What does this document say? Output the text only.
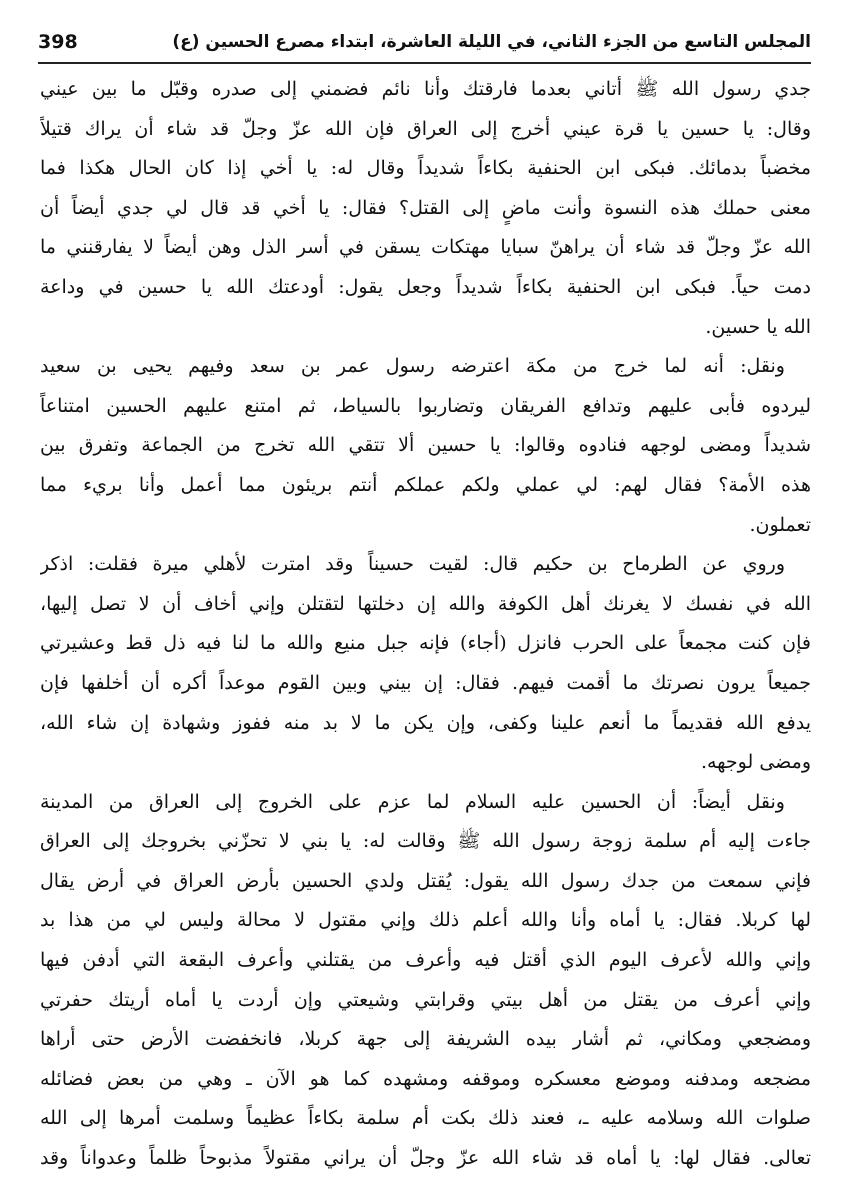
398	المجلس التاسع من الجزء الثاني، في الليلة العاشرة، ابتداء مصرع الحسين (ع)
جدي رسول الله ﷺ أتاني بعدما فارقتك وأنا نائم فضمني إلى صدره وقبّل ما بين عيني
وقال: يا حسين يا قرة عيني أخرج إلى العراق فإن الله عزّ وجلّ قد شاء أن يراك قتيلاً
مخضباً بدمائك. فبكى ابن الحنفية بكاءاً شديداً وقال له: يا أخي إذا كان الحال هكذا فما
معنى حملك هذه النسوة وأنت ماضٍ إلى القتل؟ فقال: يا أخي قد قال لي جدي أيضاً أن
الله عزّ وجلّ قد شاء أن يراهنّ سبايا مهتكات يسقن في أسر الذل وهن أيضاً لا يفارقنني ما
دمت حياً. فبكى ابن الحنفية بكاءاً شديداً وجعل يقول: أودعتك الله يا حسين في وداعة
الله يا حسين.
ونقل: أنه لما خرج من مكة اعترضه رسول عمر بن سعد وفيهم يحيى بن سعيد
ليردوه فأبى عليهم وتدافع الفريقان وتضاربوا بالسياط، ثم امتنع عليهم الحسين امتناعاً
شديداً ومضى لوجهه فنادوه وقالوا: يا حسين ألا تتقي الله تخرج من الجماعة وتفرق بين
هذه الأمة؟ فقال لهم: لي عملي ولكم عملكم أنتم بريئون مما أعمل وأنا بريء مما
تعملون.
وروي عن الطرماح بن حكيم قال: لقيت حسيناً وقد امترت لأهلي ميرة فقلت: اذكر
الله في نفسك لا يغرنك أهل الكوفة والله إن دخلتها لتقتلن وإني أخاف أن لا تصل إليها،
فإن كنت مجمعاً على الحرب فانزل (أجاء) فإنه جبل منيع والله ما لنا فيه ذل قط وعشيرتي
جميعاً يرون نصرتك ما أقمت فيهم. فقال: إن بيني وبين القوم موعداً أكره أن أخلفها فإن
يدفع الله فقديماً ما أنعم علينا وكفى، وإن يكن ما لا بد منه ففوز وشهادة إن شاء الله،
ومضى لوجهه.
ونقل أيضاً: أن الحسين عليه السلام لما عزم على الخروج إلى العراق من المدينة
جاءت إليه أم سلمة زوجة رسول الله ﷺ وقالت له: يا بني لا تحزّني بخروجك إلى العراق
فإني سمعت من جدك رسول الله يقول: يُقتل ولدي الحسين بأرض العراق في أرض يقال
لها كربلا. فقال: يا أماه وأنا والله أعلم ذلك وإني مقتول لا محالة وليس لي من هذا بد
وإني والله لأعرف اليوم الذي أقتل فيه وأعرف من يقتلني وأعرف البقعة التي أدفن فيها
وإني أعرف من يقتل من أهل بيتي وقرابتي وشيعتي وإن أردت يا أماه أريتك حفرتي
ومضجعي ومكاني، ثم أشار بيده الشريفة إلى جهة كربلا، فانخفضت الأرض حتى أراها
مضجعه ومدفنه وموضع معسكره وموقفه ومشهده كما هو الآن ـ وهي من بعض فضائله
صلوات الله وسلامه عليه ـ، فعند ذلك بكت أم سلمة بكاءاً عظيماً وسلمت أمرها إلى الله
تعالى. فقال لها: يا أماه قد شاء الله عزّ وجلّ أن يراني مقتولاً مذبوحاً ظلماً وعدواناً وقد
